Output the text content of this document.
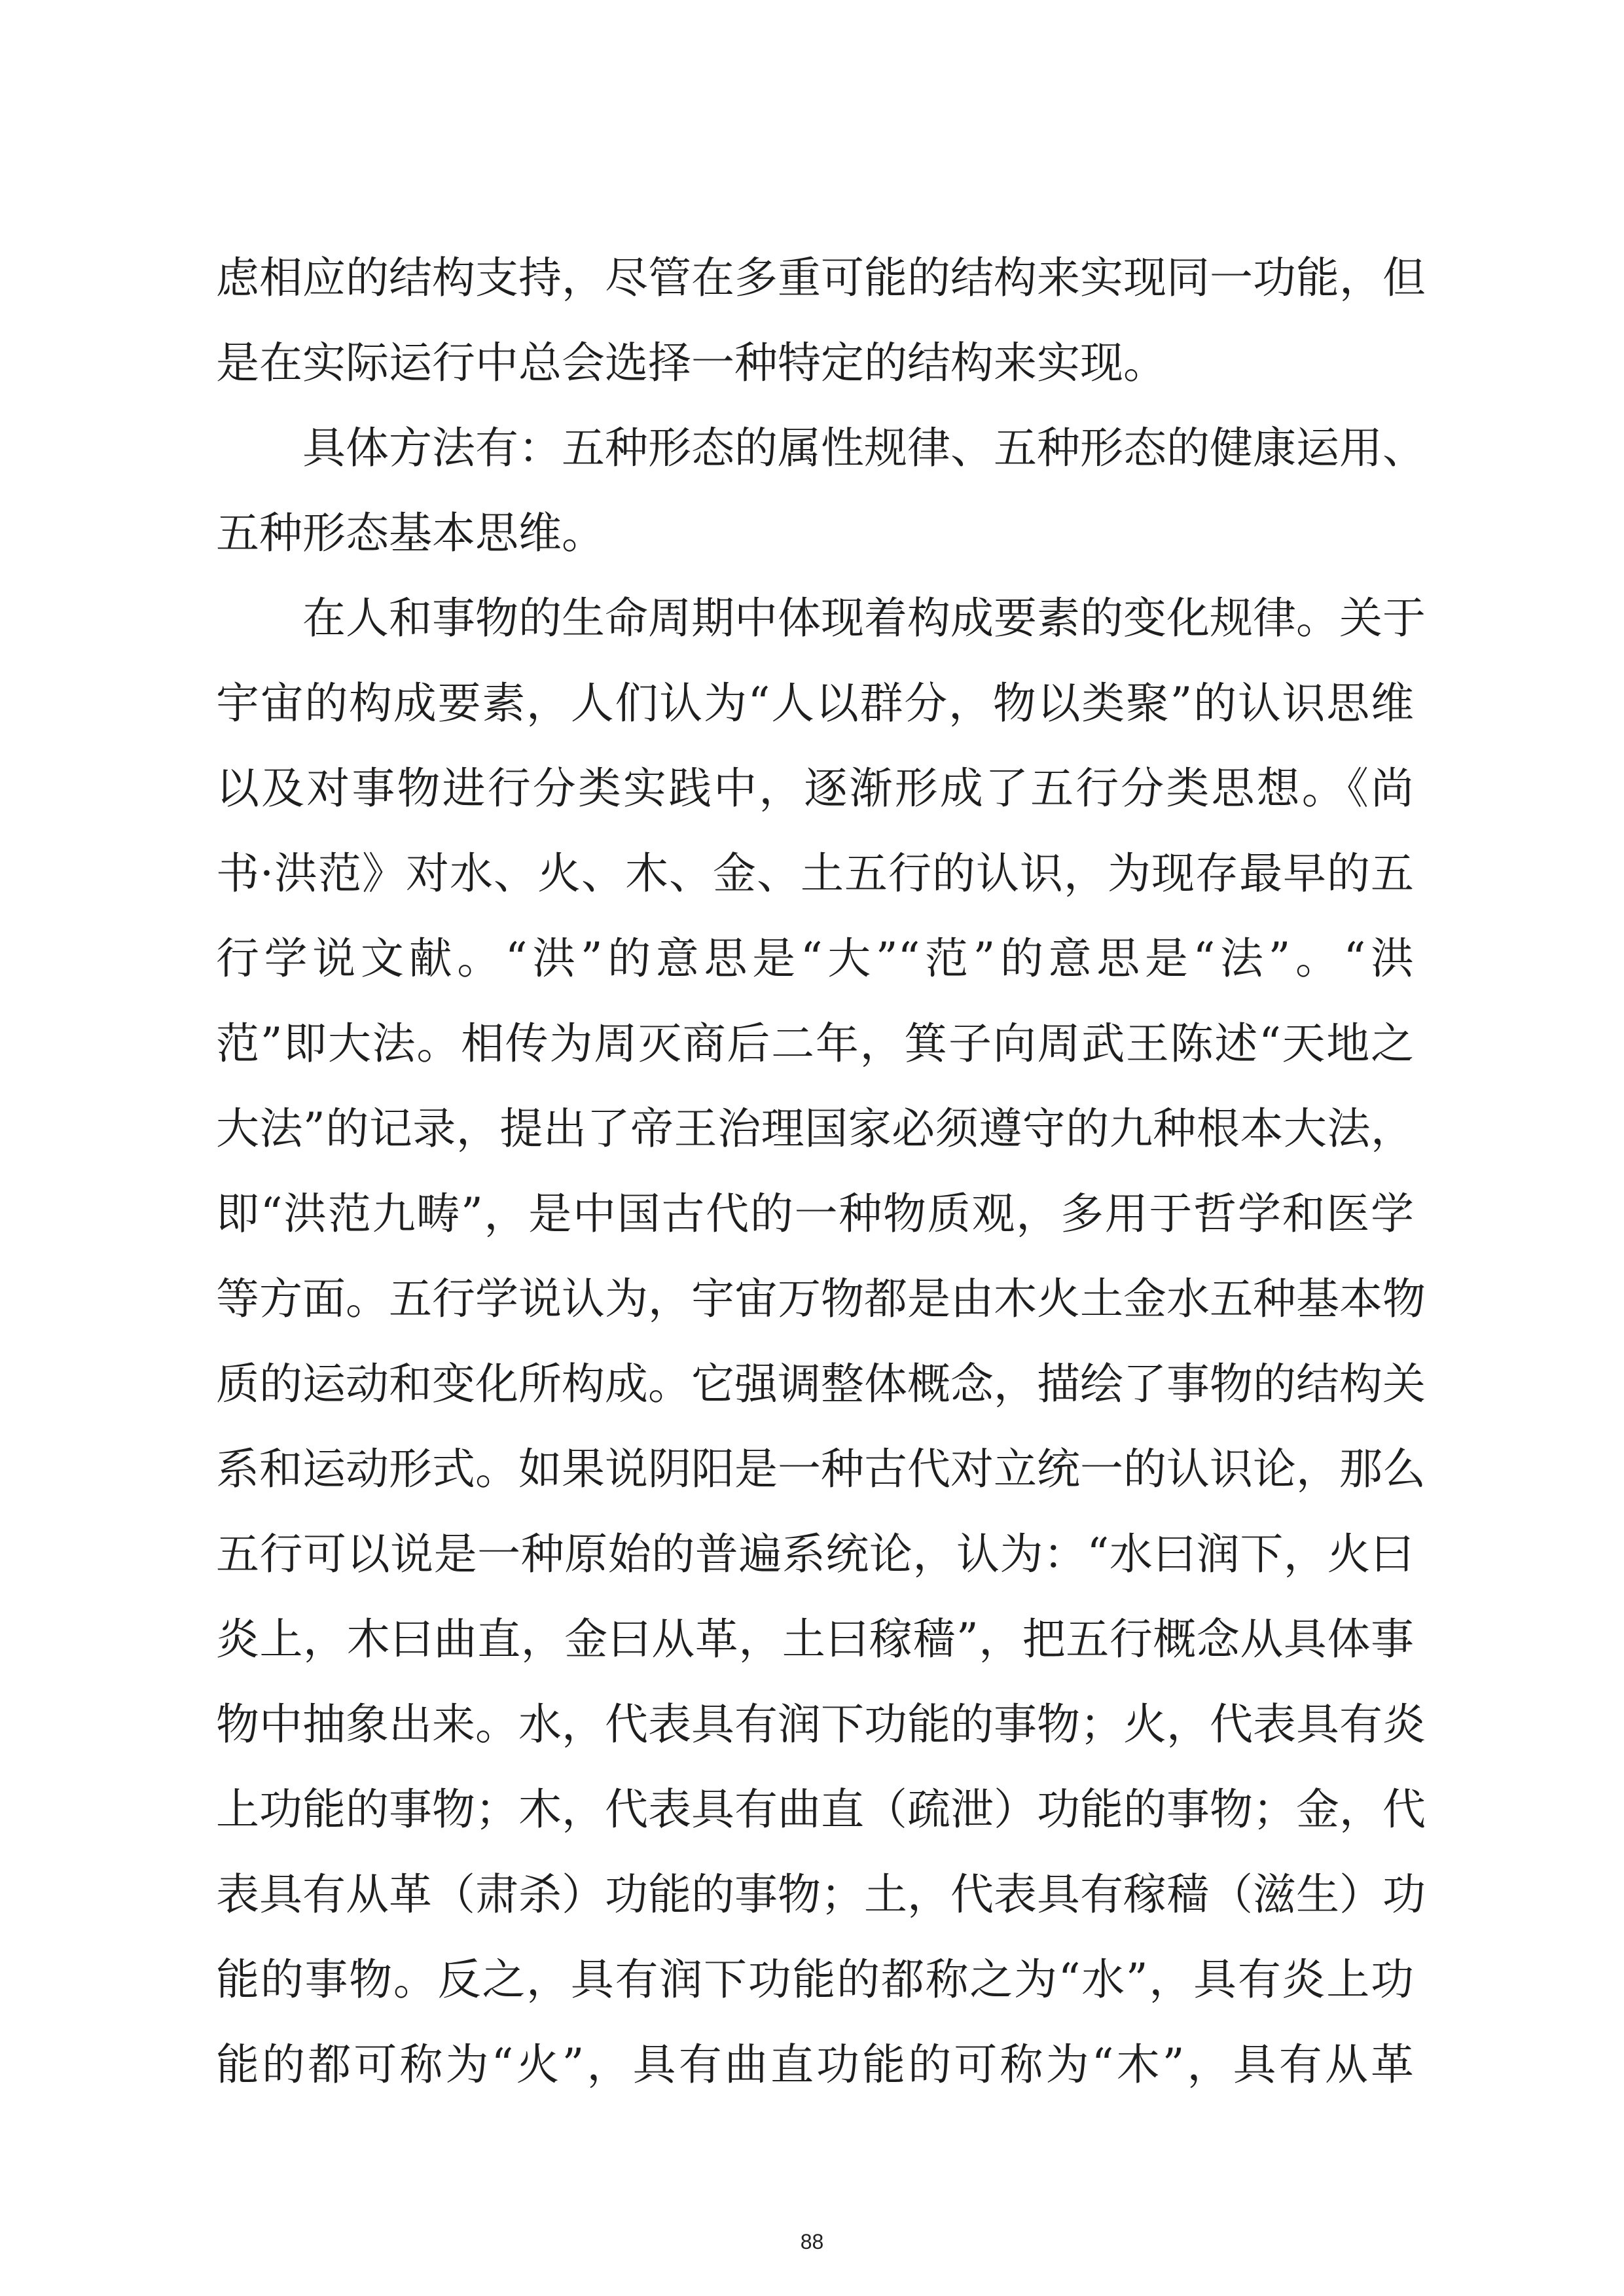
虑相应的结构支持，尽管在多重可能的结构来实现同一功能，但
是在实际运行中总会选择一种特定的结构来实现。
具体方法有：五种形态的属性规律、五种形态的健康运用、
五种形态基本思维。
在人和事物的生命周期中体现着构成要素的变化规律。关于
宇宙的构成要素，人们认为“人以群分，物以类聚”的认识思维
以及对事物进行分类实践中，逐渐形成了五行分类思想。《尚
书·洪范》对水、火、木、金、土五行的认识，为现存最早的五
行学说文献。“洪”的意思是“大”“范”的意思是“法”。“洪
范”即大法。相传为周灭商后二年，箕子向周武王陈述“天地之
大法”的记录，提出了帝王治理国家必须遵守的九种根本大法，
即“洪范九畴”，是中国古代的一种物质观，多用于哲学和医学
等方面。五行学说认为，宇宙万物都是由木火土金水五种基本物
质的运动和变化所构成。它强调整体概念，描绘了事物的结构关
系和运动形式。如果说阴阳是一种古代对立统一的认识论，那么
五行可以说是一种原始的普遍系统论，认为：“水曰润下，火曰
炎上，木曰曲直，金曰从革，土曰稼穑”，把五行概念从具体事
物中抽象出来。水，代表具有润下功能的事物；火，代表具有炎
上功能的事物；木，代表具有曲直（疏泄）功能的事物；金，代
表具有从革（肃杀）功能的事物；土，代表具有稼穑（滋生）功
能的事物。反之，具有润下功能的都称之为“水”，具有炎上功
能的都可称为“火”，具有曲直功能的可称为“木”，具有从革
88
